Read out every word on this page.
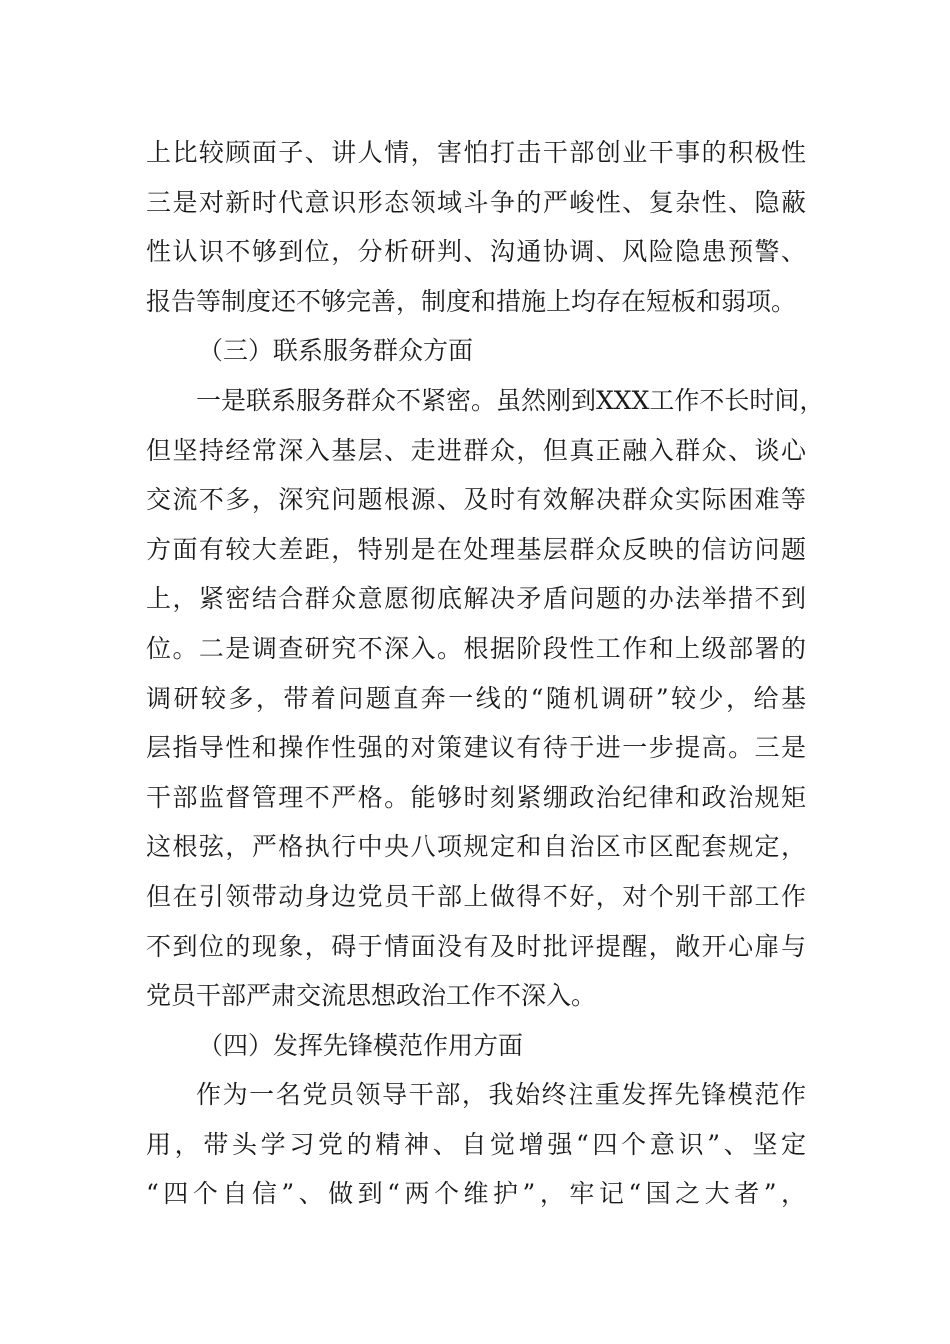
上比较顾面子、讲人情，害怕打击干部创业干事的积极性
三是对新时代意识形态领域斗争的严峻性、复杂性、隐蔽
性认识不够到位，分析研判、沟通协调、风险隐患预警、
报告等制度还不够完善，制度和措施上均存在短板和弱项。
（三）联系服务群众方面
一是联系服务群众不紧密。虽然刚到XXX工作不长时间，
但坚持经常深入基层、走进群众，但真正融入群众、谈心
交流不多，深究问题根源、及时有效解决群众实际困难等
方面有较大差距，特别是在处理基层群众反映的信访问题
上，紧密结合群众意愿彻底解决矛盾问题的办法举措不到
位。二是调查研究不深入。根据阶段性工作和上级部署的
调研较多，带着问题直奔一线的“随机调研”较少，给基
层指导性和操作性强的对策建议有待于进一步提高。三是
干部监督管理不严格。能够时刻紧绷政治纪律和政治规矩
这根弦，严格执行中央八项规定和自治区市区配套规定，
但在引领带动身边党员干部上做得不好，对个别干部工作
不到位的现象，碍于情面没有及时批评提醒，敞开心扉与
党员干部严肃交流思想政治工作不深入。
（四）发挥先锋模范作用方面
作为一名党员领导干部，我始终注重发挥先锋模范作
用，带头学习党的精神、自觉增强“四个意识”、坚定
“四个自信”、做到“两个维护”，牢记“国之大者”，
